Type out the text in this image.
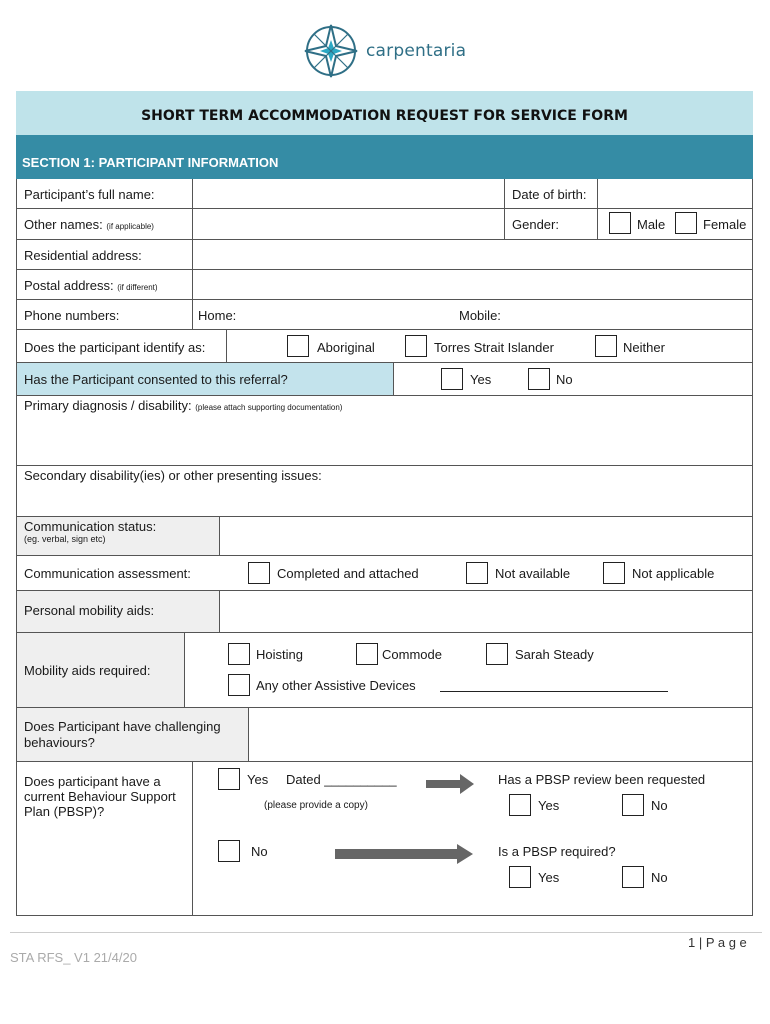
carpentaria
SHORT TERM ACCOMMODATION REQUEST FOR SERVICE FORM
SECTION 1: PARTICIPANT INFORMATION
Participant’s full name:	Date of birth:
Other names: (if applicable)	Gender:	Male	Female
Residential address:
Postal address: (if different)
Phone numbers:	Home:	Mobile:
Does the participant identify as:	Aboriginal	Torres Strait Islander	Neither
Has the Participant consented to this referral?	Yes	No
Primary diagnosis / disability: (please attach supporting documentation)
Secondary disability(ies) or other presenting issues:
Communication status:
(eg. verbal, sign etc)
Communication assessment:	Completed and attached	Not available	Not applicable
Personal mobility aids:
Mobility aids required:
Hoisting	Commode	Sarah Steady
Any other Assistive Devices
Does Participant have challenging
behaviours?
Does participant have a
current Behaviour Support
Plan (PBSP)?
Yes Dated __________
(please provide a copy)
Has a PBSP review been requested
Yes	No
No	Is a PBSP required?
Yes	No
1 | P a g e
STA RFS_ V1 21/4/20
